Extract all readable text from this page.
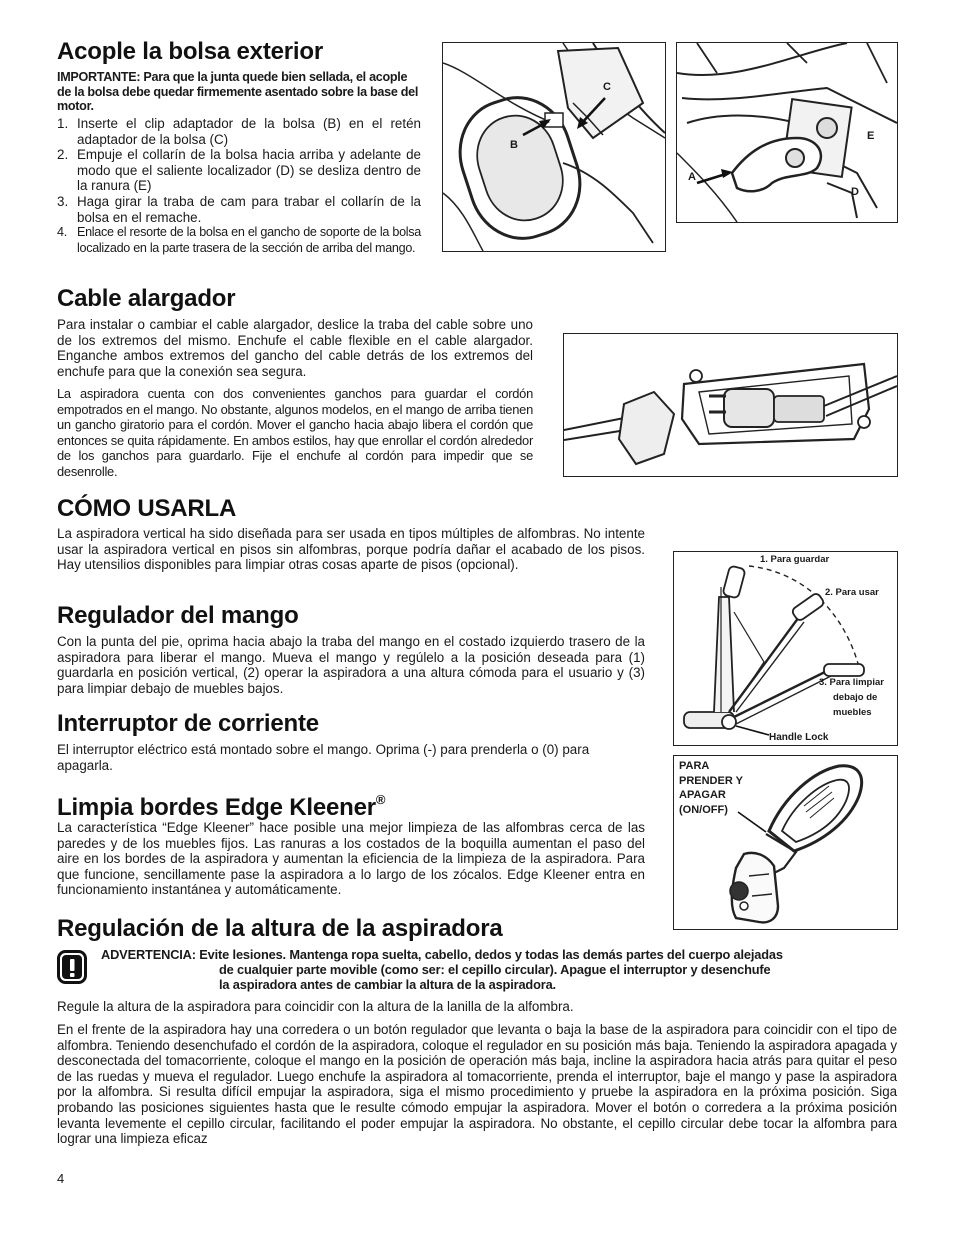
Acople la bolsa exterior

IMPORTANTE: Para que la junta quede bien sellada, el acople de la bolsa debe quedar firmemente asentado sobre la base del motor.

1. Inserte el clip adaptador de la bolsa (B) en el retén adaptador de la bolsa (C)
2. Empuje el collarín de la bolsa hacia arriba y adelante de modo que el saliente localizador (D) se desliza dentro de la ranura (E)
3. Haga girar la traba de cam para trabar el collarín de la bolsa en el remache.
4. Enlace el resorte de la bolsa en el gancho de soporte de la bolsa localizado en la parte trasera de la sección de arriba del mango.
B
C
A
E
D
Cable alargador

Para instalar o cambiar el cable alargador, deslice la traba del cable sobre uno de los extremos del mismo. Enchufe el cable flexible en el cable alargador. Enganche ambos extremos del gancho del cable detrás de los extremos del enchufe para que la conexión sea segura.

La aspiradora cuenta con dos convenientes ganchos para guardar el cordón empotrados en el mango. No obstante, algunos modelos, en el mango de arriba tienen un gancho giratorio para el cordón. Mover el gancho hacia abajo libera el cordón que entonces se quita rápidamente. En ambos estilos, hay que enrollar el cordón alrededor de los ganchos para guardarlo. Fije el enchufe al cordón para impedir que se desenrolle.

CÓMO USARLA

La aspiradora vertical ha sido diseñada para ser usada en tipos múltiples de alfombras. No intente usar la aspiradora vertical en pisos sin alfombras, porque podría dañar el acabado de los pisos. Hay utensilios disponibles para limpiar otras cosas aparte de pisos (opcional).

Regulador del mango

Con la punta del pie, oprima hacia abajo la traba del mango en el costado izquierdo trasero de la aspiradora para liberar el mango. Mueva el mango y regúlelo a la posición deseada para (1) guardarla en posición vertical, (2) operar la aspiradora a una altura cómoda para el usuario y (3) para limpiar debajo de muebles bajos.

1. Para guardar
2. Para usar
3. Para limpiar
debajo de
muebles
Handle Lock
Interruptor de corriente

El interruptor eléctrico está montado sobre el mango. Oprima (-) para prenderla o (0) para apagarla.	PARA
PRENDER Y
APAGAR
(ON/OFF)
Limpia bordes Edge Kleener®

La característica “Edge Kleener” hace posible una mejor limpieza de las alfombras cerca de las paredes y de los muebles fijos. Las ranuras a los costados de la boquilla aumentan el paso del aire en los bordes de la aspiradora y aumentan la eficiencia de la limpieza de la aspiradora. Para que funcione, sencillamente pase la aspiradora a lo largo de los zócalos. Edge Kleener entra en funcionamiento instantánea y automáticamente.

Regulación de la altura de la aspiradora
ADVERTENCIA: Evite lesiones. Mantenga ropa suelta, cabello, dedos y todas las demás partes del cuerpo alejadas
de cualquier parte movible (como ser: el cepillo circular). Apague el interruptor y desenchufe
la aspiradora antes de cambiar la altura de la aspiradora.

Regule la altura de la aspiradora para coincidir con la altura de la lanilla de la alfombra.

En el frente de la aspiradora hay una corredera o un botón regulador que levanta o baja la base de la aspiradora para coincidir con el tipo de alfombra. Teniendo desenchufado el cordón de la aspiradora, coloque el regulador en su posición más baja. Teniendo la aspiradora apagada y desconectada del tomacorriente, coloque el mango en la posición de operación más baja, incline la aspiradora hacia atrás para quitar el peso de las ruedas y mueva el regulador. Luego enchufe la aspiradora al tomacorriente, prenda el interruptor, baje el mango y pase la aspiradora por la alfombra. Si resulta difícil empujar la aspiradora, siga el mismo procedimiento y pruebe la aspiradora en la próxima posición. Siga probando las posiciones siguientes hasta que le resulte cómodo empujar la aspiradora. Mover el botón o corredera a la próxima posición levanta levemente el cepillo circular, facilitando el poder empujar la aspiradora. No obstante, el cepillo circular debe tocar la alfombra para lograr una limpieza eficaz

4
